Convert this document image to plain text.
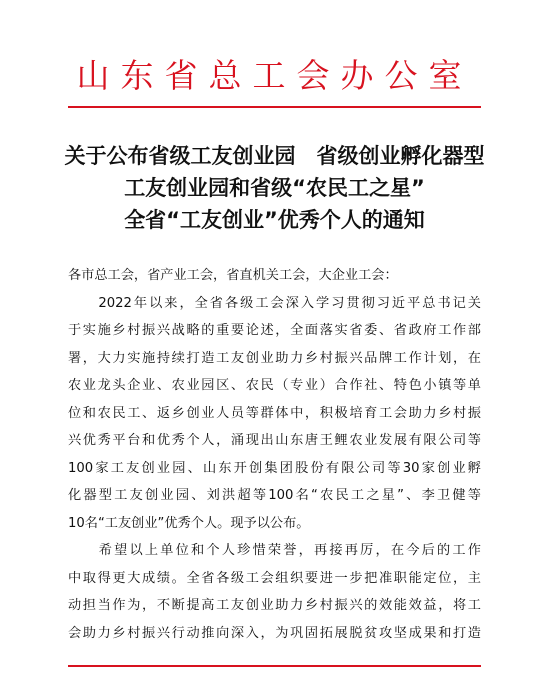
山东省总工会办公室
关于公布省级工友创业园　省级创业孵化器型
工友创业园和省级“农民工之星”
全省“工友创业”优秀个人的通知
各市总工会，省产业工会，省直机关工会，大企业工会：
　　2022年以来，全省各级工会深入学习贯彻习近平总书记关
于实施乡村振兴战略的重要论述，全面落实省委、省政府工作部
署，大力实施持续打造工友创业助力乡村振兴品牌工作计划，在
农业龙头企业、农业园区、农民（专业）合作社、特色小镇等单
位和农民工、返乡创业人员等群体中，积极培育工会助力乡村振
兴优秀平台和优秀个人，涌现出山东唐王鲤农业发展有限公司等
100家工友创业园、山东开创集团股份有限公司等30家创业孵
化器型工友创业园、刘洪超等100名“农民工之星”、李卫健等
10名“工友创业”优秀个人。现予以公布。
　　希望以上单位和个人珍惜荣誉，再接再厉，在今后的工作
中取得更大成绩。全省各级工会组织要进一步把准职能定位，主
动担当作为，不断提高工友创业助力乡村振兴的效能效益，将工
会助力乡村振兴行动推向深入，为巩固拓展脱贫攻坚成果和打造
